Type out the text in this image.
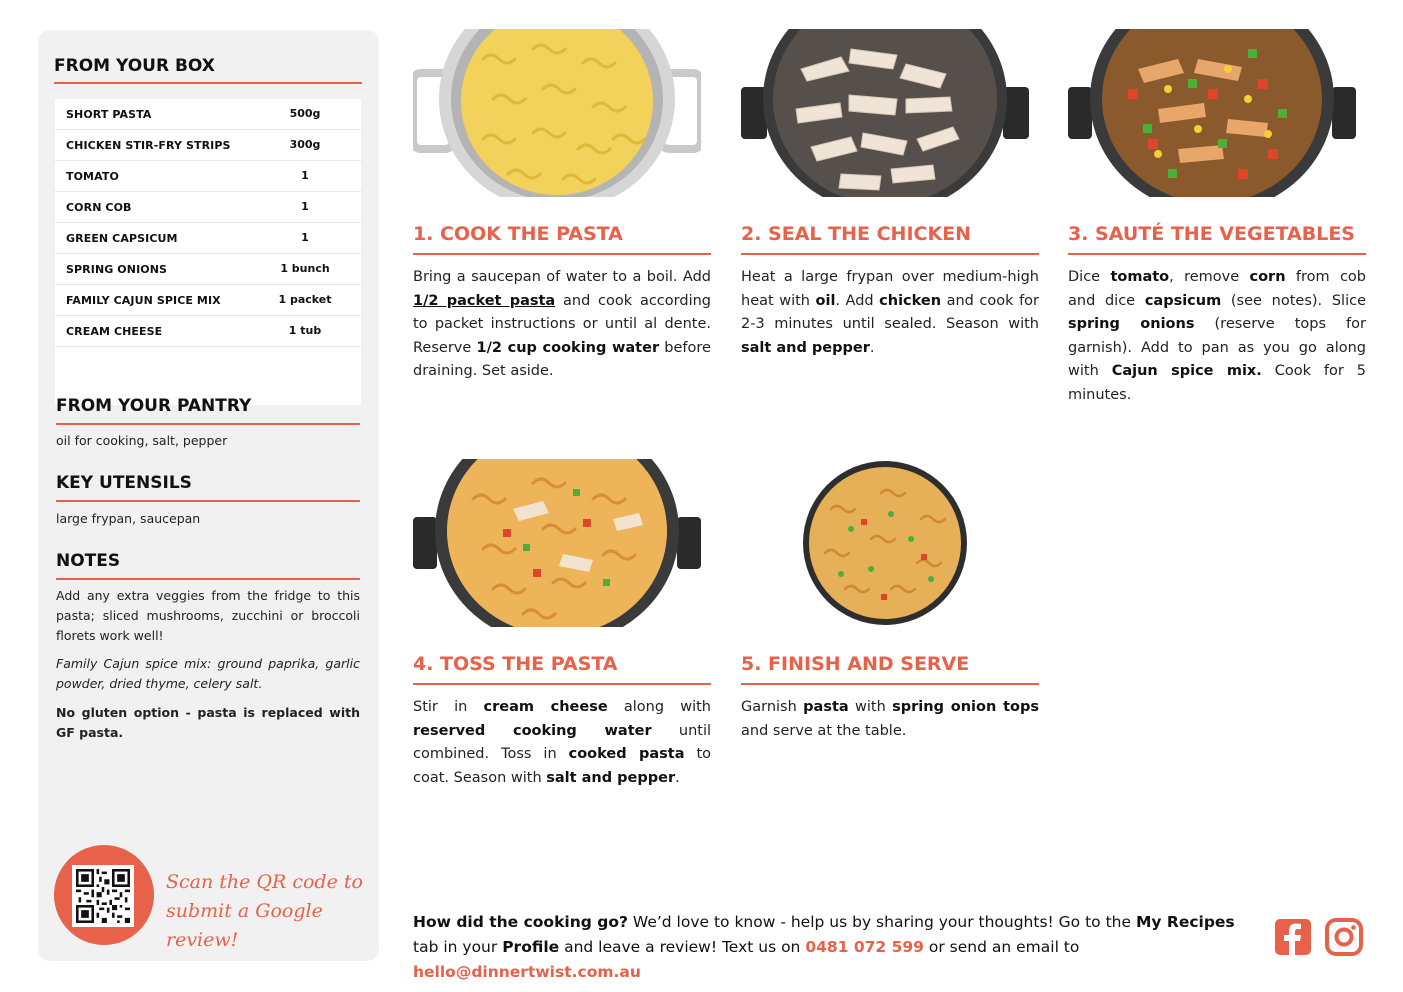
FROM YOUR BOX
SHORT PASTA	500g
CHICKEN STIR-FRY STRIPS	300g
TOMATO	1
CORN COB	1
GREEN CAPSICUM	1
SPRING ONIONS	1 bunch
FAMILY CAJUN SPICE MIX	1 packet
CREAM CHEESE	1 tub
FROM YOUR PANTRY
oil for cooking, salt, pepper
KEY UTENSILS
large frypan, saucepan
NOTES
Add any extra veggies from the fridge to this pasta; sliced mushrooms, zucchini or broccoli florets work well!
Family Cajun spice mix: ground paprika, garlic powder, dried thyme, celery salt.
No gluten option - pasta is replaced with GF pasta.
Scan the QR code to
submit a Google review!
1. COOK THE PASTA
Bring a saucepan of water to a boil. Add 1/2 packet pasta and cook according to packet instructions or until al dente. Reserve 1/2 cup cooking water before draining. Set aside.
2. SEAL THE CHICKEN
Heat a large frypan over medium-high heat with oil. Add chicken and cook for 2-3 minutes until sealed. Season with salt and pepper.
3. SAUTÉ THE VEGETABLES
Dice tomato, remove corn from cob and dice capsicum (see notes). Slice spring onions (reserve tops for garnish). Add to pan as you go along with Cajun spice mix. Cook for 5 minutes.
4. TOSS THE PASTA
Stir in cream cheese along with reserved cooking water until combined. Toss in cooked pasta to coat. Season with salt and pepper.
5. FINISH AND SERVE
Garnish pasta with spring onion tops and serve at the table.
How did the cooking go? We’d love to know - help us by sharing your thoughts! Go to the My Recipes tab in your Profile and leave a review! Text us on 0481 072 599 or send an email to hello@dinnertwist.com.au
